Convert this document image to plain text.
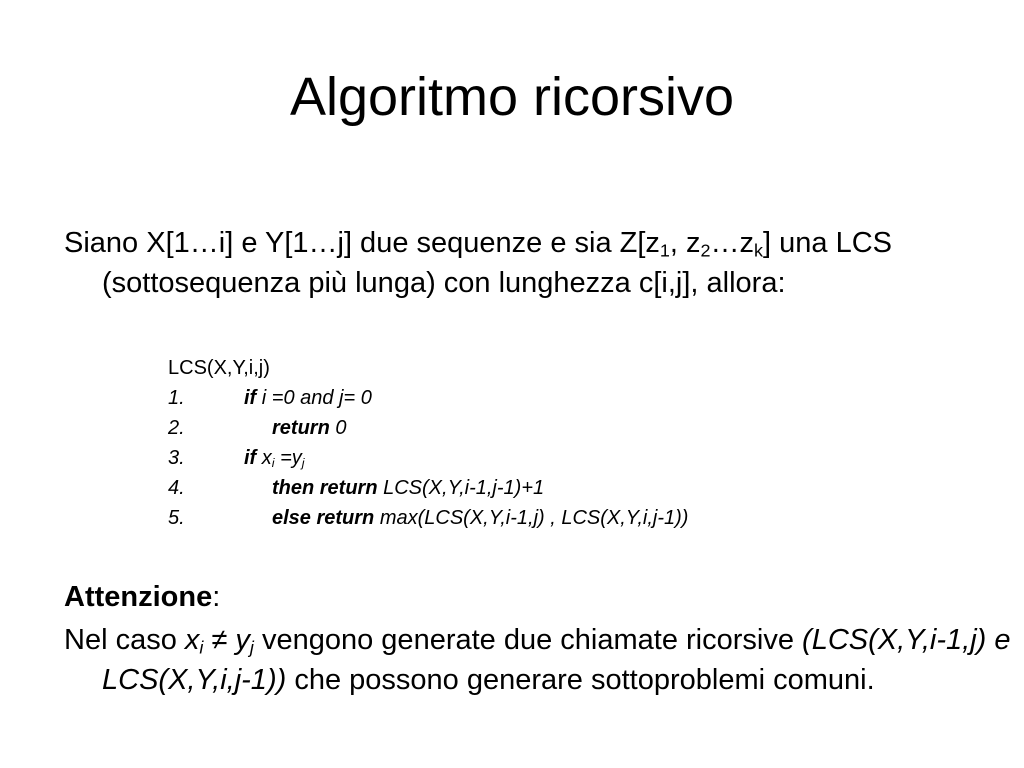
Algoritmo ricorsivo

Siano X[1…i] e Y[1…j] due sequenze e sia $Z[z_1$, $z_2\dots z_k$] una LCS (sottosequenza più lunga) con lunghezza c[i,j], allora:

LCS(X,Y,i,j)
1.	if i =0 and j= 0
2.	return 0
3.	if $x_i =y_j$
4.	then return LCS(X,Y,i-1,j-1)+1
5.	else return max(LCS(X,Y,i-1,j) , LCS(X,Y,i,j-1))

Attenzione:

Nel caso $x_i \ne y_j$ vengono generate due chiamate ricorsive (LCS(X,Y,i-1,j) e LCS(X,Y,i,j-1)) che possono generare sottoproblemi comuni.
